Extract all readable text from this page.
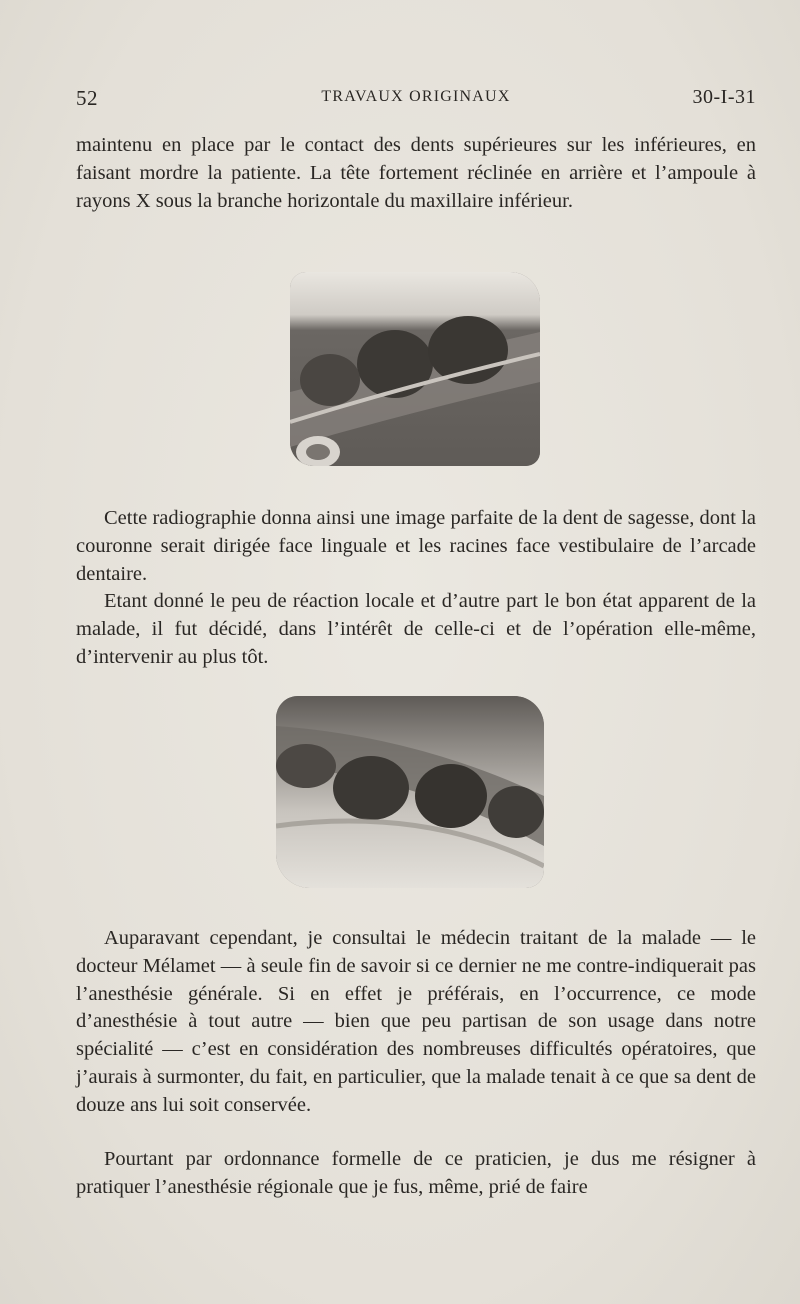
52	TRAVAUX ORIGINAUX	30-I-31

maintenu en place par le contact des dents supérieures sur les inférieures, en faisant mordre la patiente. La tête fortement réclinée en arrière et l’ampoule à rayons X sous la branche horizontale du maxillaire inférieur.

Cette radiographie donna ainsi une image parfaite de la dent de sagesse, dont la couronne serait dirigée face linguale et les racines face vestibulaire de l’arcade dentaire.

Etant donné le peu de réaction locale et d’autre part le bon état apparent de la malade, il fut décidé, dans l’intérêt de celle-ci et de l’opération elle-même, d’intervenir au plus tôt.

Auparavant cependant, je consultai le médecin traitant de la malade — le docteur Mélamet — à seule fin de savoir si ce dernier ne me contre-indiquerait pas l’anesthésie générale. Si en effet je préférais, en l’occurrence, ce mode d’anesthésie à tout autre — bien que peu partisan de son usage dans notre spécialité — c’est en considération des nombreuses difficultés opératoires, que j’aurais à surmonter, du fait, en particulier, que la malade tenait à ce que sa dent de douze ans lui soit conservée.

Pourtant par ordonnance formelle de ce praticien, je dus me résigner à pratiquer l’anesthésie régionale que je fus, même, prié de faire
